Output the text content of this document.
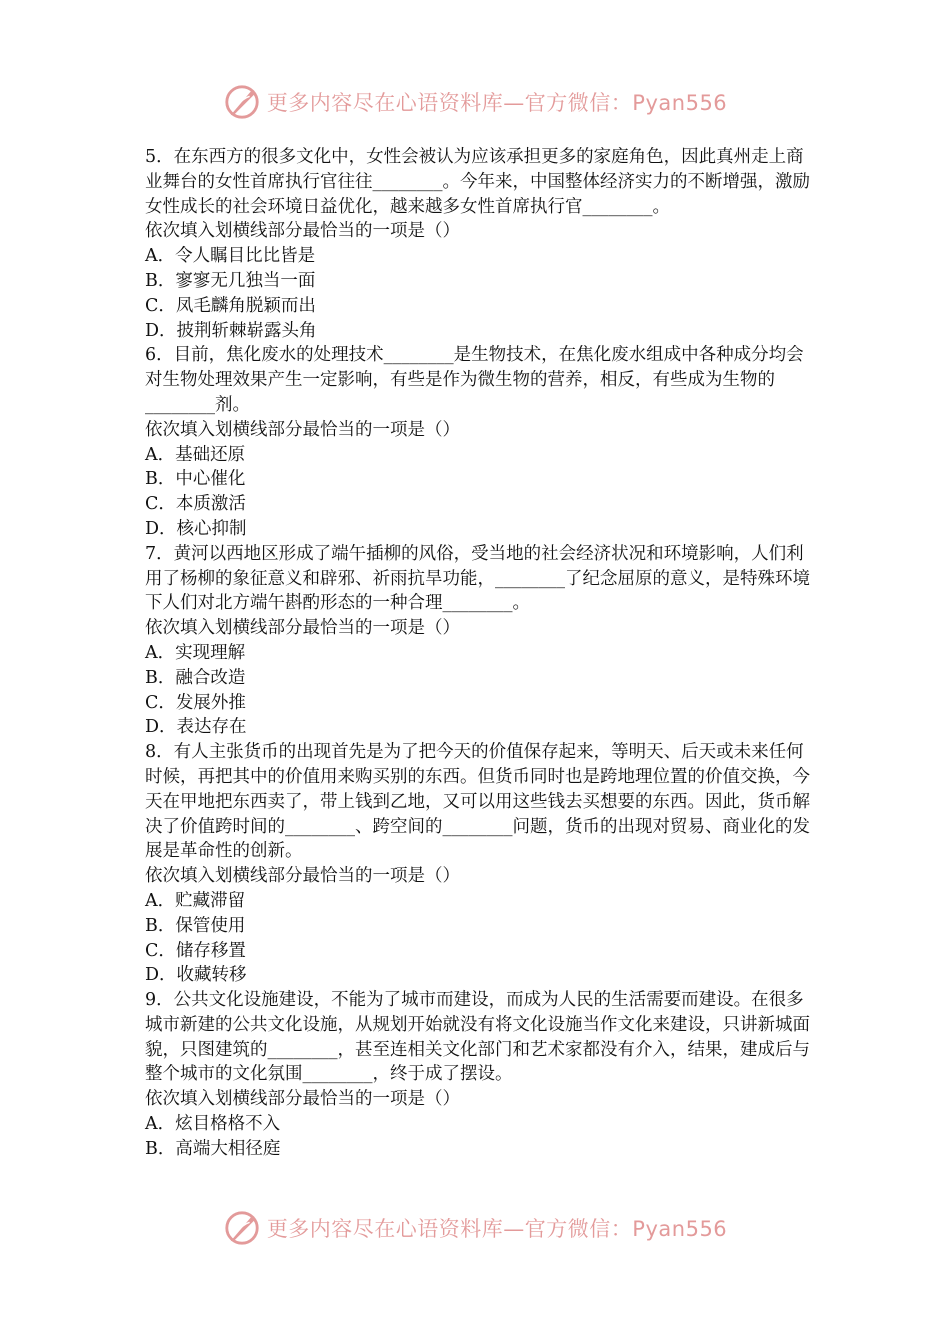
更多内容尽在心语资料库—官方微信：Pyan556

5．在东西方的很多文化中，女性会被认为应该承担更多的家庭角色，因此真州走上商业舞台的女性首席执行官往往________。今年来，中国整体经济实力的不断增强，激励女性成长的社会环境日益优化，越来越多女性首席执行官________。

依次填入划横线部分最恰当的一项是（）

A．令人瞩目比比皆是

B．寥寥无几独当一面

C．凤毛麟角脱颖而出

D．披荆斩棘崭露头角

6．目前，焦化废水的处理技术________是生物技术，在焦化废水组成中各种成分均会对生物处理效果产生一定影响，有些是作为微生物的营养，相反，有些成为生物的________剂。

依次填入划横线部分最恰当的一项是（）

A．基础还原

B．中心催化

C．本质激活

D．核心抑制

7．黄河以西地区形成了端午插柳的风俗，受当地的社会经济状况和环境影响，人们利用了杨柳的象征意义和辟邪、祈雨抗旱功能，________了纪念屈原的意义，是特殊环境下人们对北方端午斟酌形态的一种合理________。

依次填入划横线部分最恰当的一项是（）

A．实现理解

B．融合改造

C．发展外推

D．表达存在

8．有人主张货币的出现首先是为了把今天的价值保存起来，等明天、后天或未来任何时候，再把其中的价值用来购买别的东西。但货币同时也是跨地理位置的价值交换，今天在甲地把东西卖了，带上钱到乙地，又可以用这些钱去买想要的东西。因此，货币解决了价值跨时间的________、跨空间的________问题，货币的出现对贸易、商业化的发展是革命性的创新。

依次填入划横线部分最恰当的一项是（）

A．贮藏滞留

B．保管使用

C．储存移置

D．收藏转移

9．公共文化设施建设，不能为了城市而建设，而成为人民的生活需要而建设。在很多城市新建的公共文化设施，从规划开始就没有将文化设施当作文化来建设，只讲新城面貌，只图建筑的________，甚至连相关文化部门和艺术家都没有介入，结果，建成后与整个城市的文化氛围________，终于成了摆设。

依次填入划横线部分最恰当的一项是（）

A．炫目格格不入

B．高端大相径庭

更多内容尽在心语资料库—官方微信：Pyan556
